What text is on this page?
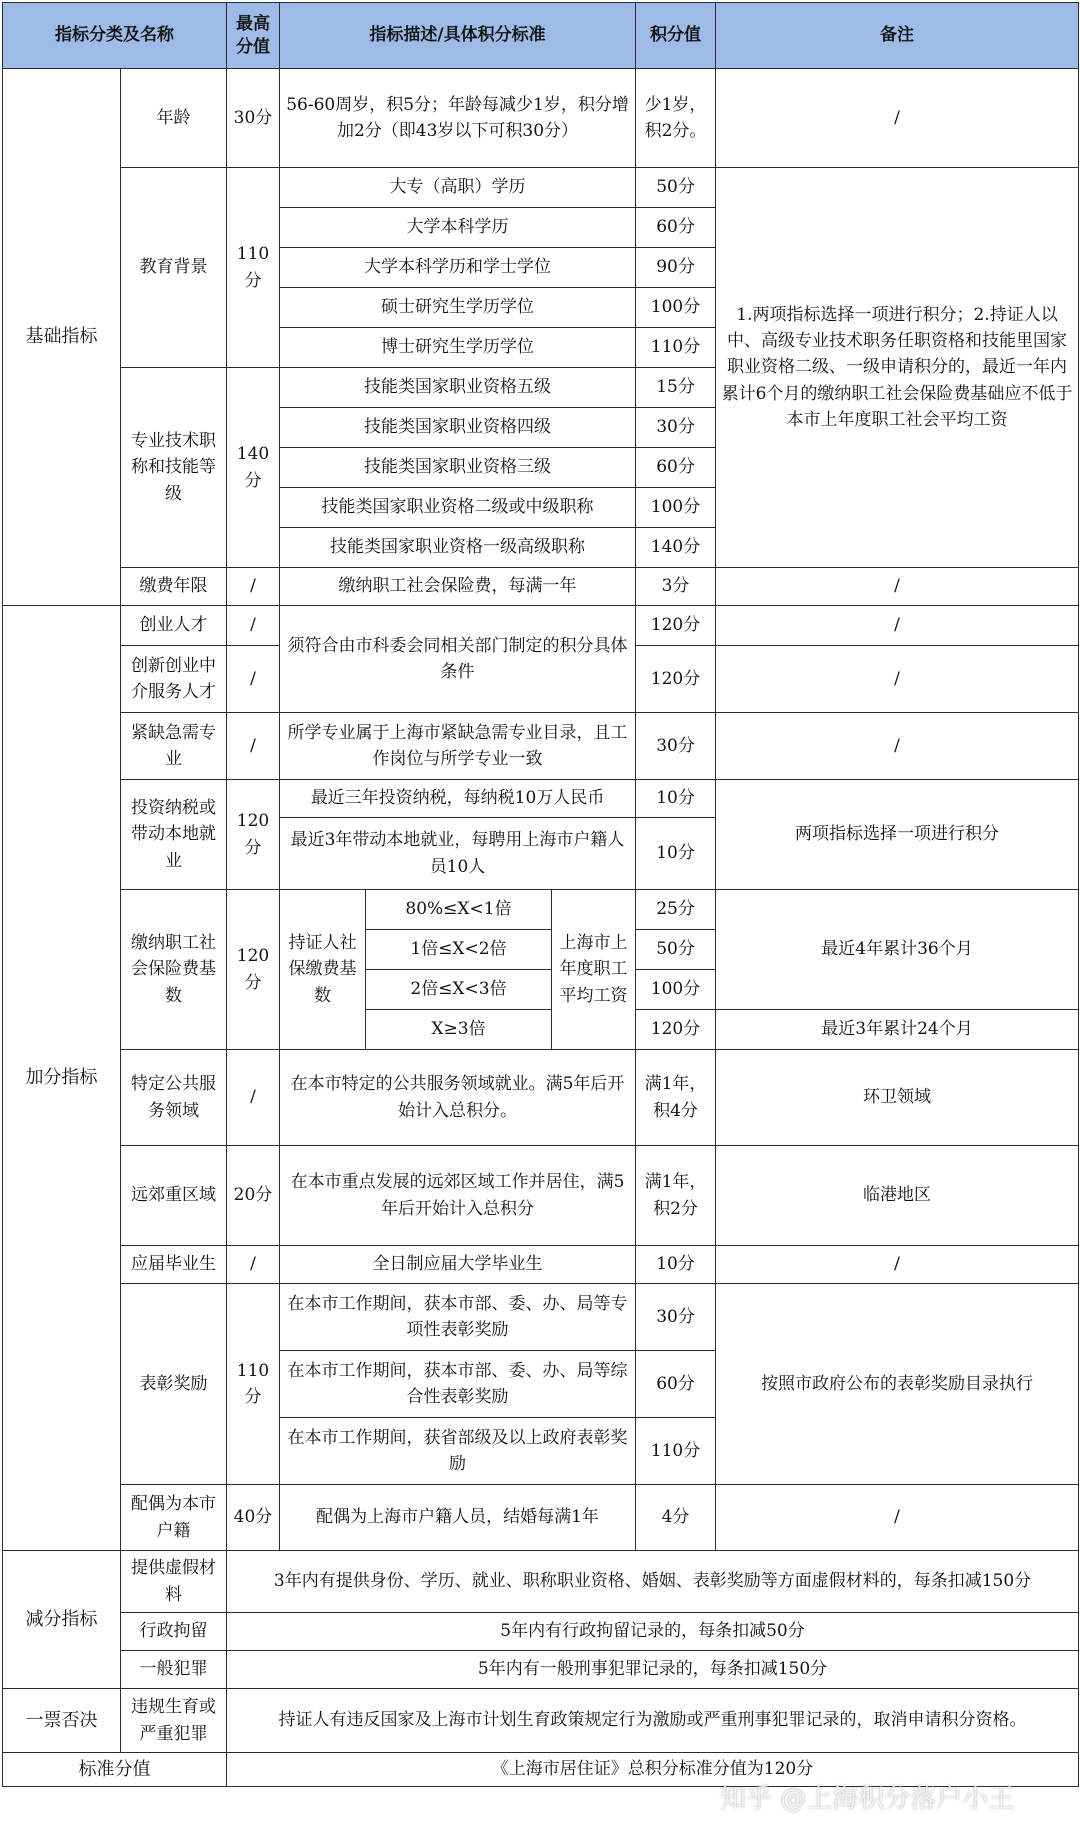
指标分类及名称		最高分值	指标描述/具体积分标准			积分值	备注
基础指标	年龄	30分	56-60周岁，积5分；年龄每减少1岁，积分增加2分（即43岁以下可积30分）			少1岁，积2分。	/
	教育背景	110分	大专（高职）学历			50分	1.两项指标选择一项进行积分；2.持证人以中、高级专业技术职务任职资格和技能里国家职业资格二级、一级申请积分的，最近一年内累计6个月的缴纳职工社会保险费基础应不低于本市上年度职工社会平均工资
			大学本科学历			60分	
			大学本科学历和学士学位			90分	
			硕士研究生学历学位			100分	
			博士研究生学历学位			110分	
	专业技术职称和技能等级	140分	技能类国家职业资格五级			15分	
			技能类国家职业资格四级			30分	
			技能类国家职业资格三级			60分	
			技能类国家职业资格二级或中级职称			100分	
			技能类国家职业资格一级高级职称			140分	
	缴费年限	/	缴纳职工社会保险费，每满一年			3分	/

加分指标	创业人才	/	须符合由市科委会同相关部门制定的积分具体条件			120分	/
	创新创业中介服务人才	/				120分	/
	紧缺急需专业	/	所学专业属于上海市紧缺急需专业目录，且工作岗位与所学专业一致			30分	/
	投资纳税或带动本地就业	120分	最近三年投资纳税，每纳税10万人民币			10分	两项指标选择一项进行积分
			最近3年带动本地就业，每聘用上海市户籍人员10人			10分	
	缴纳职工社会保险费基数	120分	持证人社保缴费基数	80%≤X<1倍	上海市上年度职工平均工资	25分	最近4年累计36个月
				1倍≤X<2倍		50分	
				2倍≤X<3倍		100分	
				X≥3倍		120分	最近3年累计24个月
	特定公共服务领域	/	在本市特定的公共服务领域就业。满5年后开始计入总积分。			满1年，积4分	环卫领域
	远郊重区域	20分	在本市重点发展的远郊区域工作并居住，满5年后开始计入总积分			满1年，积2分	临港地区
	应届毕业生	/	全日制应届大学毕业生			10分	/
	表彰奖励	110分	在本市工作期间，获本市部、委、办、局等专项性表彰奖励			30分	按照市政府公布的表彰奖励目录执行
			在本市工作期间，获本市部、委、办、局等综合性表彰奖励			60分	
			在本市工作期间，获省部级及以上政府表彰奖励			110分	
	配偶为本市户籍	40分	配偶为上海市户籍人员，结婚每满1年			4分	/

减分指标	提供虚假材料	3年内有提供身份、学历、就业、职称职业资格、婚姻、表彰奖励等方面虚假材料的，每条扣减150分					
	行政拘留	5年内有行政拘留记录的，每条扣减50分					
	一般犯罪	5年内有一般刑事犯罪记录的，每条扣减150分					
一票否决	违规生育或严重犯罪	持证人有违反国家及上海市计划生育政策规定行为激励或严重刑事犯罪记录的，取消申请积分资格。					
标准分值		《上海市居住证》总积分标准分值为120分					
知乎 @上海积分落户小王
